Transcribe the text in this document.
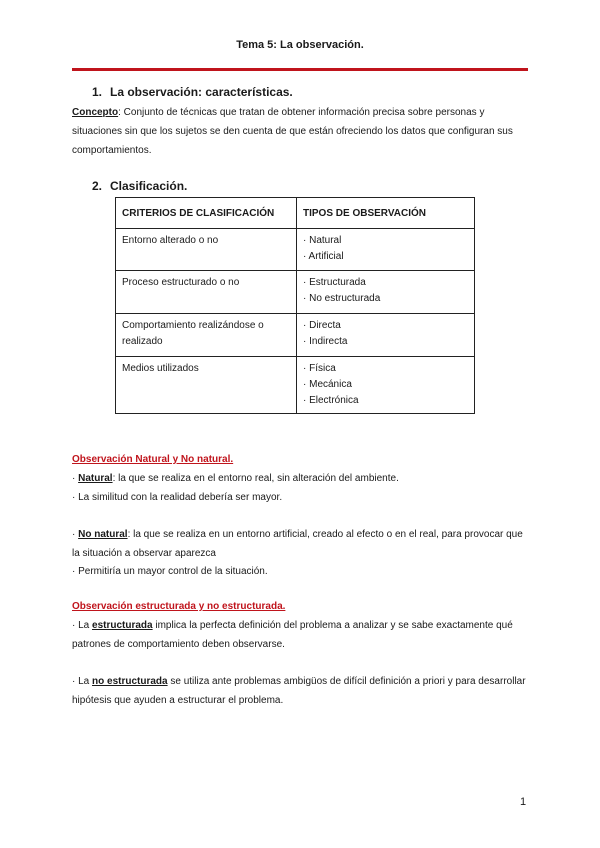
Tema 5: La observación.
1. La observación: características.
Concepto: Conjunto de técnicas que tratan de obtener información precisa sobre personas y situaciones sin que los sujetos se den cuenta de que están ofreciendo los datos que configuran sus comportamientos.
2. Clasificación.
CRITERIOS DE CLASIFICACIÓN	TIPOS DE OBSERVACIÓN
Entorno alterado o no	· Natural
· Artificial

Proceso estructurado o no	· Estructurada
· No estructurada

Comportamiento realizándose o realizado	· Directa
· Indirecta

Medios utilizados	· Física
· Mecánica
· Electrónica
Observación Natural y No natural.
· Natural: la que se realiza en el entorno real, sin alteración del ambiente.
· La similitud con la realidad debería ser mayor.
· No natural: la que se realiza en un entorno artificial, creado al efecto o en el real, para provocar que la situación a observar aparezca
· Permitiría un mayor control de la situación.
Observación estructurada y no estructurada.
· La estructurada implica la perfecta definición del problema a analizar y se sabe exactamente qué patrones de comportamiento deben observarse.
· La no estructurada se utiliza ante problemas ambigüos de difícil definición a priori y para desarrollar hipótesis que ayuden a estructurar el problema.
1
